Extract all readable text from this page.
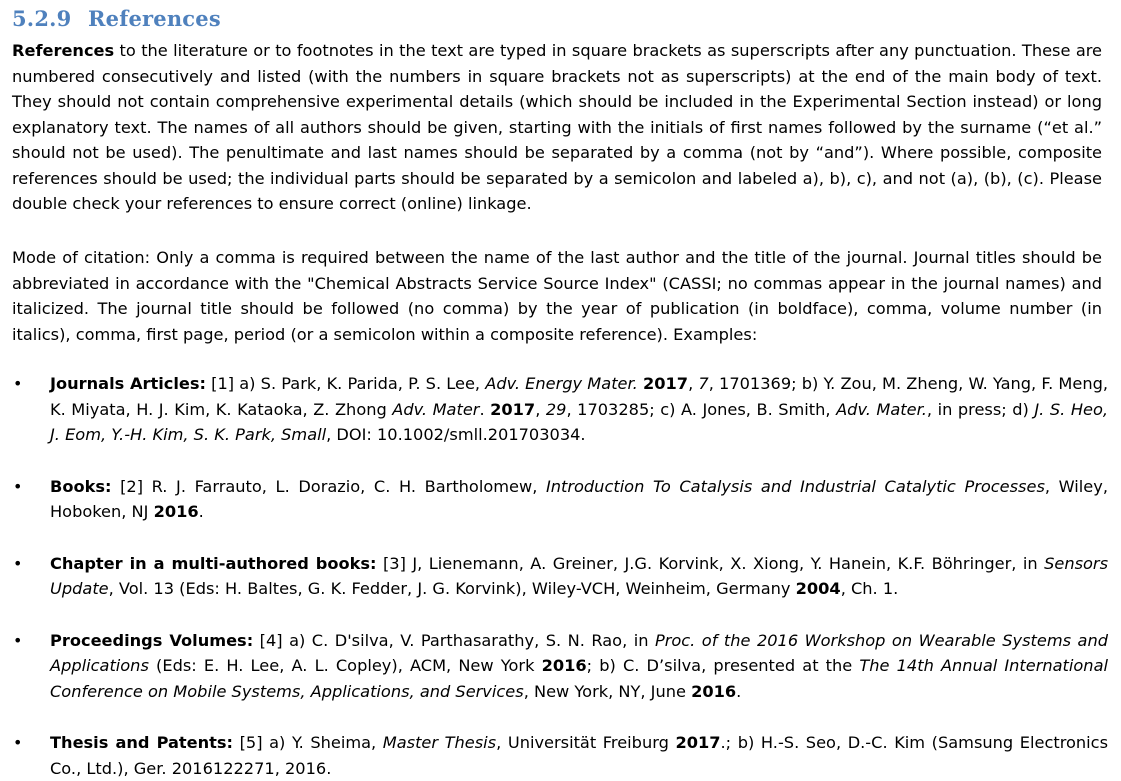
5.2.9 References
References to the literature or to footnotes in the text are typed in square brackets as superscripts after any punctuation. These are numbered consecutively and listed (with the numbers in square brackets not as superscripts) at the end of the main body of text. They should not contain comprehensive experimental details (which should be included in the Experimental Section instead) or long explanatory text. The names of all authors should be given, starting with the initials of first names followed by the surname (“et al.” should not be used). The penultimate and last names should be separated by a comma (not by “and”). Where possible, composite references should be used; the individual parts should be separated by a semicolon and labeled a), b), c), and not (a), (b), (c). Please double check your references to ensure correct (online) linkage.
Mode of citation: Only a comma is required between the name of the last author and the title of the journal. Journal titles should be abbreviated in accordance with the "Chemical Abstracts Service Source Index" (CASSI; no commas appear in the journal names) and italicized. The journal title should be followed (no comma) by the year of publication (in boldface), comma, volume number (in italics), comma, first page, period (or a semicolon within a composite reference). Examples:
• Journals Articles: [1] a) S. Park, K. Parida, P. S. Lee, Adv. Energy Mater. 2017, 7, 1701369; b) Y. Zou, M. Zheng, W. Yang, F. Meng, K. Miyata, H. J. Kim, K. Kataoka, Z. Zhong Adv. Mater. 2017, 29, 1703285; c) A. Jones, B. Smith, Adv. Mater., in press; d) J. S. Heo, J. Eom, Y.-H. Kim, S. K. Park, Small, DOI: 10.1002/smll.201703034.
• Books: [2] R. J. Farrauto, L. Dorazio, C. H. Bartholomew, Introduction To Catalysis and Industrial Catalytic Processes, Wiley, Hoboken, NJ 2016.
• Chapter in a multi-authored books: [3] J, Lienemann, A. Greiner, J.G. Korvink, X. Xiong, Y. Hanein, K.F. Böhringer, in Sensors Update, Vol. 13 (Eds: H. Baltes, G. K. Fedder, J. G. Korvink), Wiley-VCH, Weinheim, Germany 2004, Ch. 1.
• Proceedings Volumes: [4] a) C. D'silva, V. Parthasarathy, S. N. Rao, in Proc. of the 2016 Workshop on Wearable Systems and Applications (Eds: E. H. Lee, A. L. Copley), ACM, New York 2016; b) C. D’silva, presented at the The 14th Annual International Conference on Mobile Systems, Applications, and Services, New York, NY, June 2016.
• Thesis and Patents: [5] a) Y. Sheima, Master Thesis, Universität Freiburg 2017.; b) H.-S. Seo, D.-C. Kim (Samsung Electronics Co., Ltd.), Ger. 2016122271, 2016.
